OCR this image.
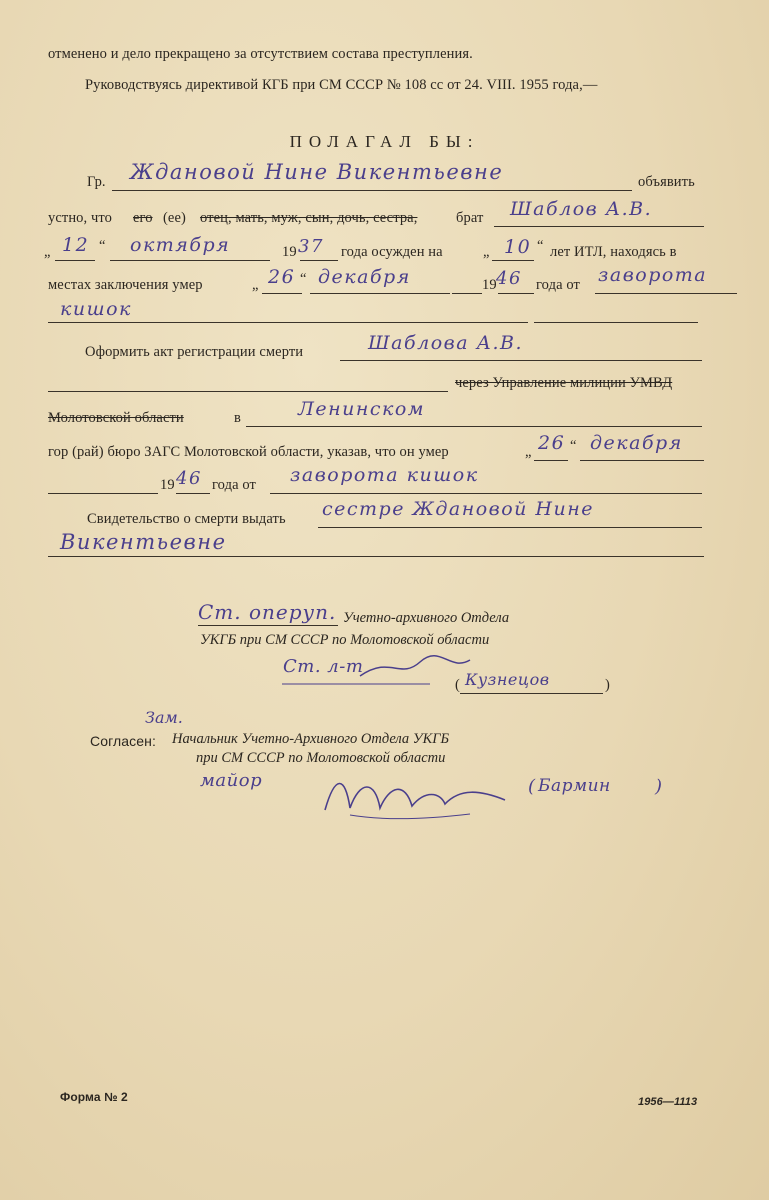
отменено и дело прекращено за отсутствием состава преступления.
Руководствуясь директивой КГБ при СМ СССР № 108 сс от 24. VIII. 1955 года,—
ПОЛАГАЛ БЫ:
Гр. Ждановой Нине Викентьевне	объявить
устно, что его (ее) отец, мать, муж, сын, дочь, сестра,	брат Шаблов А.В.
„ 12 “ октября	19 37 года осужден на	„ 10 “ лет ИТЛ, находясь в
местах заключения умер	„ 26 “ декабря	19 46 года от заворота
кишок
Оформить акт регистрации смерти	Шаблова А.В.
через Управление милиции УМВД
Молотовской области	в	Ленинском
гор (рай) бюро ЗАГС Молотовской области, указав, что он умер	„ 26 “ декабря
19 46 года от заворота кишок
Свидетельство о смерти выдать сестре Ждановой Нине
Викентьевне
Ст. оперуп. Учетно-архивного Отдела
УКГБ при СМ СССР по Молотовской области
Ст. л-т
( Кузнецов	)
Зам.
Согласен: Начальник Учетно-Архивного Отдела УКГБ
при СМ СССР по Молотовской области
майор	( Бармин )
Форма № 2	1956—1113
